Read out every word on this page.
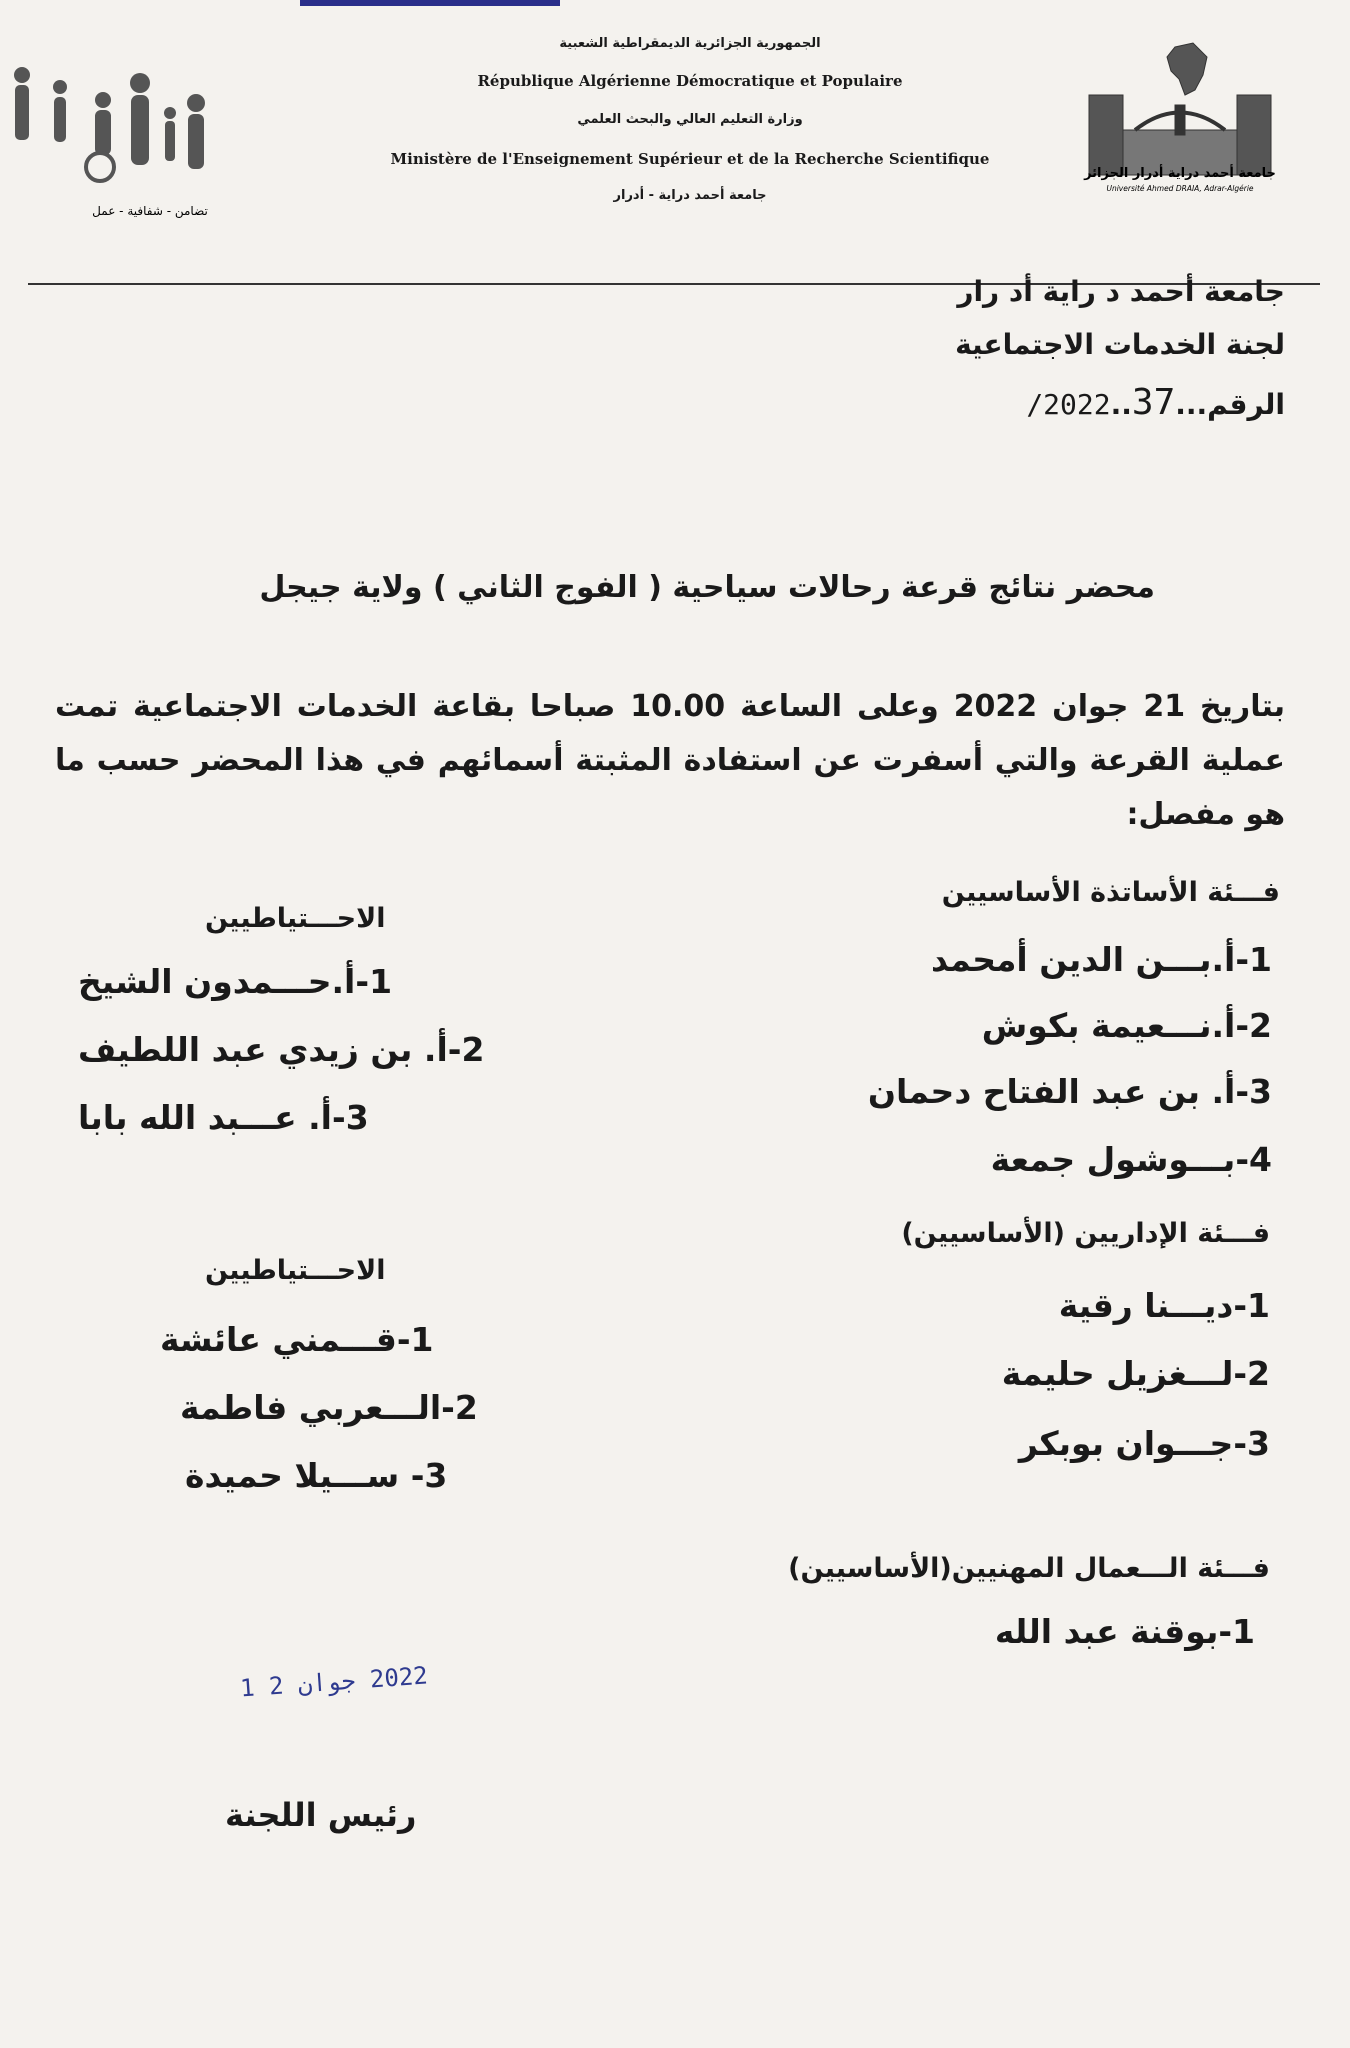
تضامن - شفافية - عمل
جامعة أحمد دراية أدرار الجزائر
Université Ahmed DRAIA, Adrar-Algérie
الجمهورية الجزائرية الديمقراطية الشعبية
République Algérienne Démocratique et Populaire
وزارة التعليم العالي والبحث العلمي
Ministère de l'Enseignement Supérieur et de la Recherche Scientifique
جامعة أحمد دراية - أدرار
جامعة أحمد د راية أد رار
لجنة الخدمات الاجتماعية
الرقم...37..2022/
محضر نتائج قرعة رحالات سياحية ( الفوج الثاني ) ولاية جيجل
بتاريخ 21 جوان 2022 وعلى الساعة 10.00 صباحا بقاعة الخدمات الاجتماعية تمت عملية القرعة والتي أسفرت عن استفادة المثبتة أسمائهم في هذا المحضر حسب ما هو مفصل:
فـــئة الأساتذة الأساسيين
1-أ.بـــن الدين أمحمد
2-أ.نـــعيمة بكوش
3-أ. بن عبد الفتاح دحمان
4-بـــوشول جمعة
الاحـــتياطيين
1-أ.حـــمدون الشيخ
2-أ. بن زيدي عبد اللطيف
3-أ. عـــبد الله بابا
فـــئة الإداريين (الأساسيين)
1-ديـــنا رقية
2-لـــغزيل حليمة
3-جـــوان بوبكر
الاحـــتياطيين
1-قـــمني عائشة
2-الـــعربي فاطمة
3- ســـيلا حميدة
فـــئة الـــعمال المهنيين(الأساسيين)
1-بوقنة عبد الله
2022 جوان 2 1
رئيس اللجنة
